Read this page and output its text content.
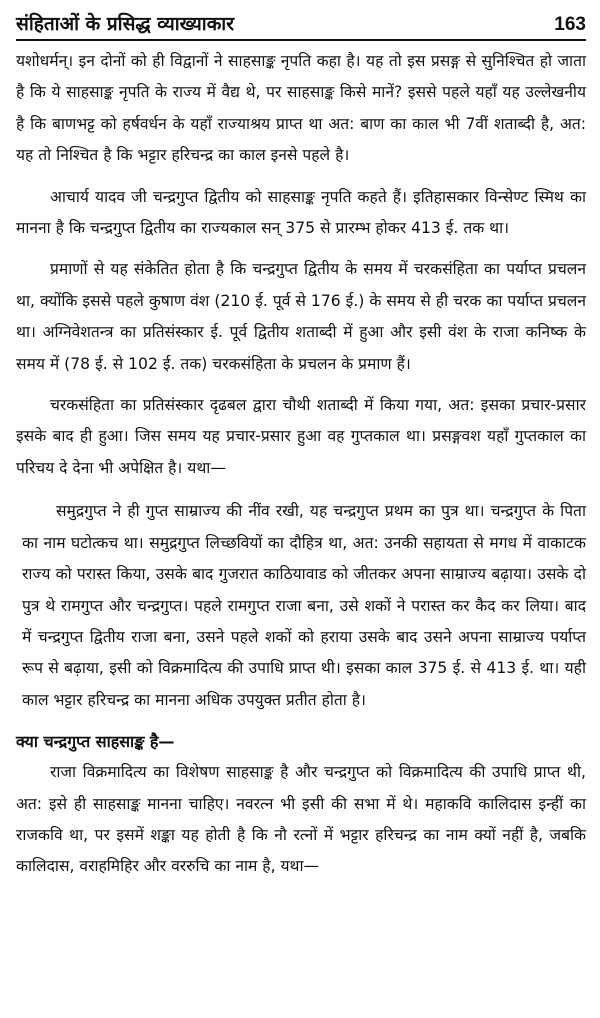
संहिताओं के प्रसिद्ध व्याख्याकार	163

यशोधर्मन्। इन दोनों को ही विद्वानों ने साहसाङ्क नृपति कहा है। यह तो इस प्रसङ्ग से सुनिश्चित हो जाता है कि ये साहसाङ्क नृपति के राज्य में वैद्य थे, पर साहसाङ्क किसे मानें? इससे पहले यहाँ यह उल्लेखनीय है कि बाणभट्ट को हर्षवर्धन के यहाँ राज्याश्रय प्राप्त था अत: बाण का काल भी 7वीं शताब्दी है, अत: यह तो निश्चित है कि भट्टार हरिचन्द्र का काल इनसे पहले है।

आचार्य यादव जी चन्द्रगुप्त द्वितीय को साहसाङ्क नृपति कहते हैं। इतिहासकार विन्सेण्ट स्मिथ का मानना है कि चन्द्रगुप्त द्वितीय का राज्यकाल सन् 375 से प्रारम्भ होकर 413 ई. तक था।

प्रमाणों से यह संकेतित होता है कि चन्द्रगुप्त द्वितीय के समय में चरकसंहिता का पर्याप्त प्रचलन था, क्योंकि इससे पहले कुषाण वंश (210 ई. पूर्व से 176 ई.) के समय से ही चरक का पर्याप्त प्रचलन था। अग्निवेशतन्त्र का प्रतिसंस्कार ई. पूर्व द्वितीय शताब्दी में हुआ और इसी वंश के राजा कनिष्क के समय में (78 ई. से 102 ई. तक) चरकसंहिता के प्रचलन के प्रमाण हैं।

चरकसंहिता का प्रतिसंस्कार दृढबल द्वारा चौथी शताब्दी में किया गया, अत: इसका प्रचार-प्रसार इसके बाद ही हुआ। जिस समय यह प्रचार-प्रसार हुआ वह गुप्तकाल था। प्रसङ्गवश यहाँ गुप्तकाल का परिचय दे देना भी अपेक्षित है। यथा—

समुद्रगुप्त ने ही गुप्त साम्राज्य की नींव रखी, यह चन्द्रगुप्त प्रथम का पुत्र था। चन्द्रगुप्त के पिता का नाम घटोत्कच था। समुद्रगुप्त लिच्छवियों का दौहित्र था, अत: उनकी सहायता से मगध में वाकाटक राज्य को परास्त किया, उसके बाद गुजरात काठियावाड को जीतकर अपना साम्राज्य बढ़ाया। उसके दो पुत्र थे रामगुप्त और चन्द्रगुप्त। पहले रामगुप्त राजा बना, उसे शकों ने परास्त कर कैद कर लिया। बाद में चन्द्रगुप्त द्वितीय राजा बना, उसने पहले शकों को हराया उसके बाद उसने अपना साम्राज्य पर्याप्त रूप से बढ़ाया, इसी को विक्रमादित्य की उपाधि प्राप्त थी। इसका काल 375 ई. से 413 ई. था। यही काल भट्टार हरिचन्द्र का मानना अधिक उपयुक्त प्रतीत होता है।

क्या चन्द्रगुप्त साहसाङ्क है—

राजा विक्रमादित्य का विशेषण साहसाङ्क है और चन्द्रगुप्त को विक्रमादित्य की उपाधि प्राप्त थी, अत: इसे ही साहसाङ्क मानना चाहिए। नवरत्न भी इसी की सभा में थे। महाकवि कालिदास इन्हीं का राजकवि था, पर इसमें शङ्का यह होती है कि नौ रत्नों में भट्टार हरिचन्द्र का नाम क्यों नहीं है, जबकि कालिदास, वराहमिहिर और वररुचि का नाम है, यथा—
